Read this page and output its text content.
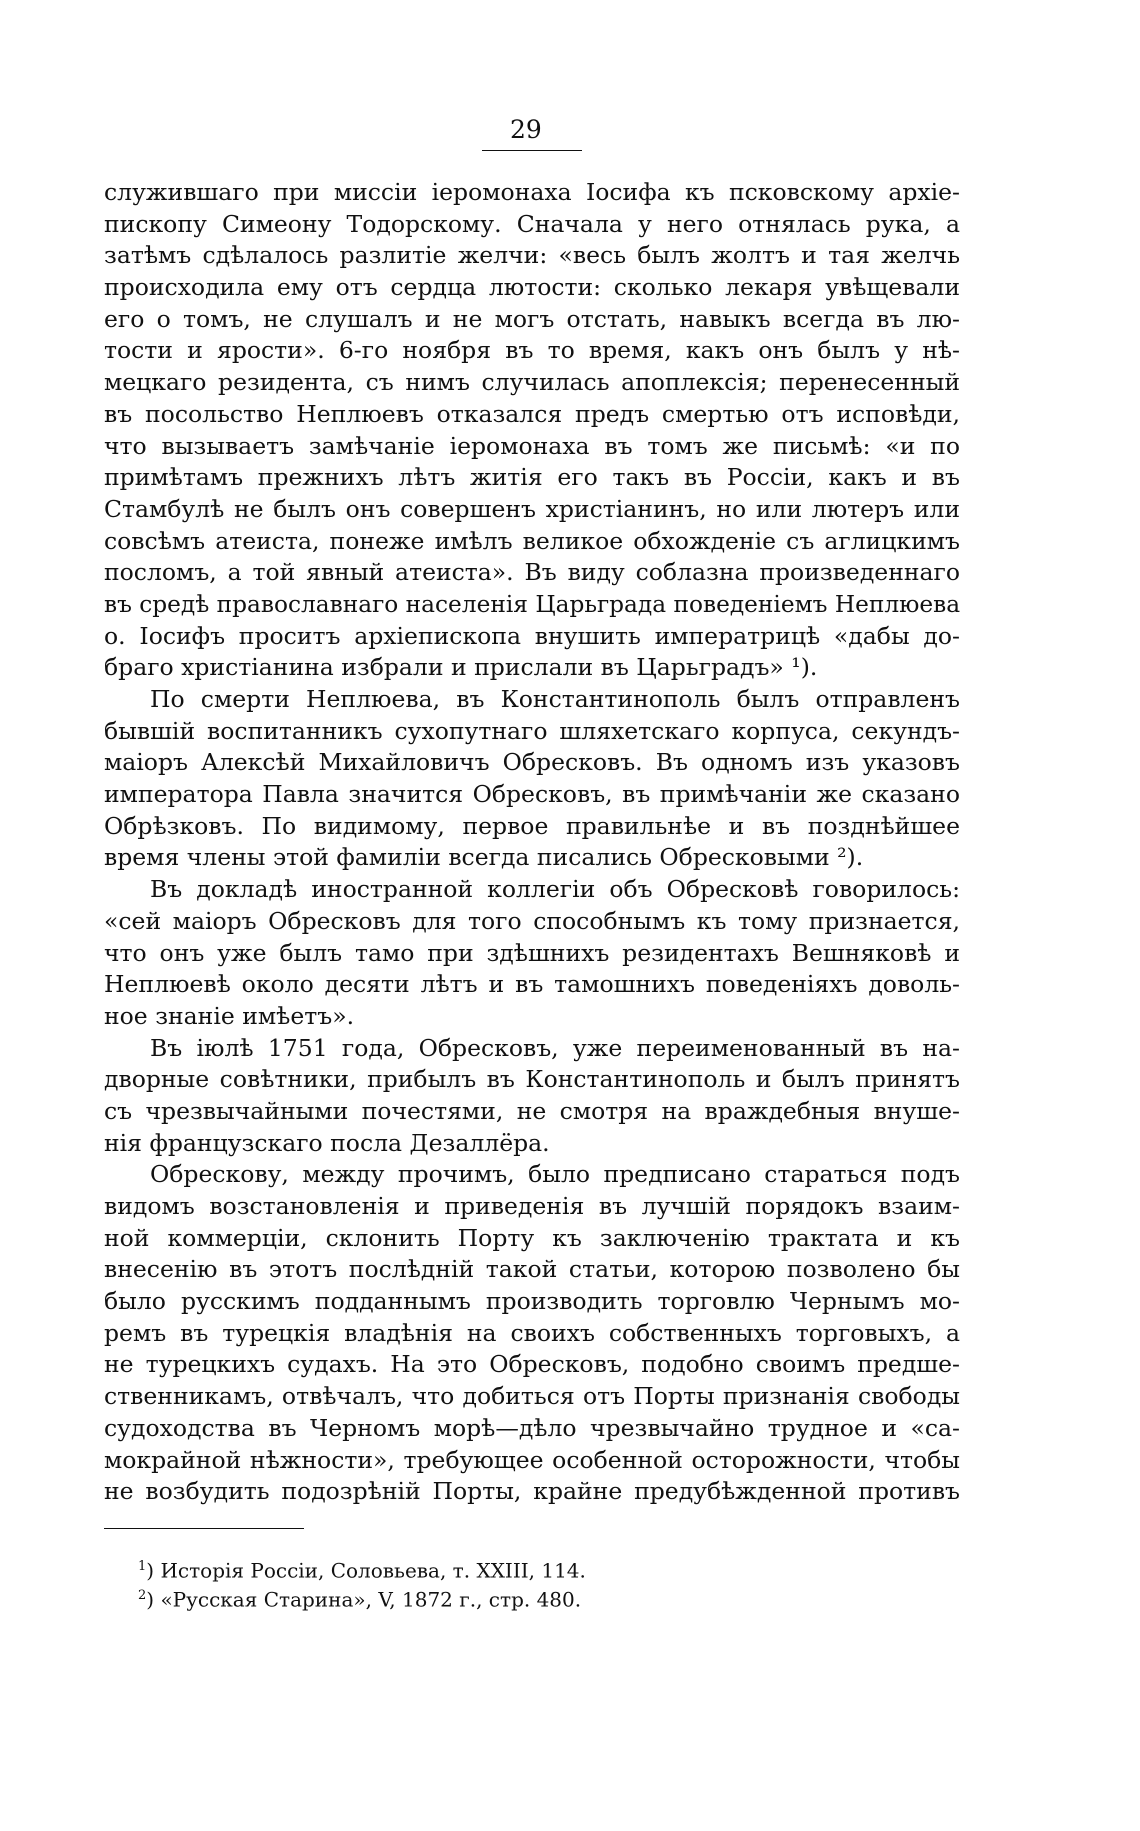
29
служившаго при миссіи іеромонаха Іосифа къ псковскому архіе-
пископу Симеону Тодорскому. Сначала у него отнялась рука, а
затѣмъ сдѣлалось разлитіе желчи: «весь былъ жолтъ и тая желчь
происходила ему отъ сердца лютости: сколько лекаря увѣщевали
его о томъ, не слушалъ и не могъ отстать, навыкъ всегда въ лю-
тости и ярости». 6-го ноября въ то время, какъ онъ былъ у нѣ-
мецкаго резидента, съ нимъ случилась апоплексія; перенесенный
въ посольство Неплюевъ отказался предъ смертью отъ исповѣди,
что вызываетъ замѣчаніе іеромонаха въ томъ же письмѣ: «и по
примѣтамъ прежнихъ лѣтъ житія его такъ въ Россіи, какъ и въ
Стамбулѣ не былъ онъ совершенъ христіанинъ, но или лютеръ или
совсѣмъ атеиста, понеже имѣлъ великое обхожденіе съ аглицкимъ
посломъ, а той явный атеиста». Въ виду соблазна произведеннаго
въ средѣ православнаго населенія Царьграда поведеніемъ Неплюева
о. Іосифъ проситъ архіепископа внушить императрицѣ «дабы до-
браго христіанина избрали и прислали въ Царьградъ» ¹).
По смерти Неплюева, въ Константинополь былъ отправленъ
бывшій воспитанникъ сухопутнаго шляхетскаго корпуса, секундъ-
маіоръ Алексѣй Михайловичъ Обресковъ. Въ одномъ изъ указовъ
императора Павла значится Обресковъ, въ примѣчаніи же сказано
Обрѣзковъ. По видимому, первое правильнѣе и въ позднѣйшее
время члены этой фамиліи всегда писались Обресковыми ²).
Въ докладѣ иностранной коллегіи объ Обресковѣ говорилось:
«сей маіоръ Обресковъ для того способнымъ къ тому признается,
что онъ уже былъ тамо при здѣшнихъ резидентахъ Вешняковѣ и
Неплюевѣ около десяти лѣтъ и въ тамошнихъ поведеніяхъ доволь-
ное знаніе имѣетъ».
Въ іюлѣ 1751 года, Обресковъ, уже переименованный въ на-
дворные совѣтники, прибылъ въ Константинополь и былъ принятъ
съ чрезвычайными почестями, не смотря на враждебныя внуше-
нія французскаго посла Дезаллёра.
Обрескову, между прочимъ, было предписано стараться подъ
видомъ возстановленія и приведенія въ лучшій порядокъ взаим-
ной коммерціи, склонить Порту къ заключенію трактата и къ
внесенію въ этотъ послѣдній такой статьи, которою позволено бы
было русскимъ подданнымъ производить торговлю Чернымъ мо-
ремъ въ турецкія владѣнія на своихъ собственныхъ торговыхъ, а
не турецкихъ судахъ. На это Обресковъ, подобно своимъ предше-
ственникамъ, отвѣчалъ, что добиться отъ Порты признанія свободы
судоходства въ Черномъ морѣ—дѣло чрезвычайно трудное и «са-
мокрайной нѣжности», требующее особенной осторожности, чтобы
не возбудить подозрѣній Порты, крайне предубѣжденной противъ
$^1$) Исторія Россіи, Соловьева, т. XXIII, 114.
$^2$) «Русская Старина», V, 1872 г., стр. 480.
